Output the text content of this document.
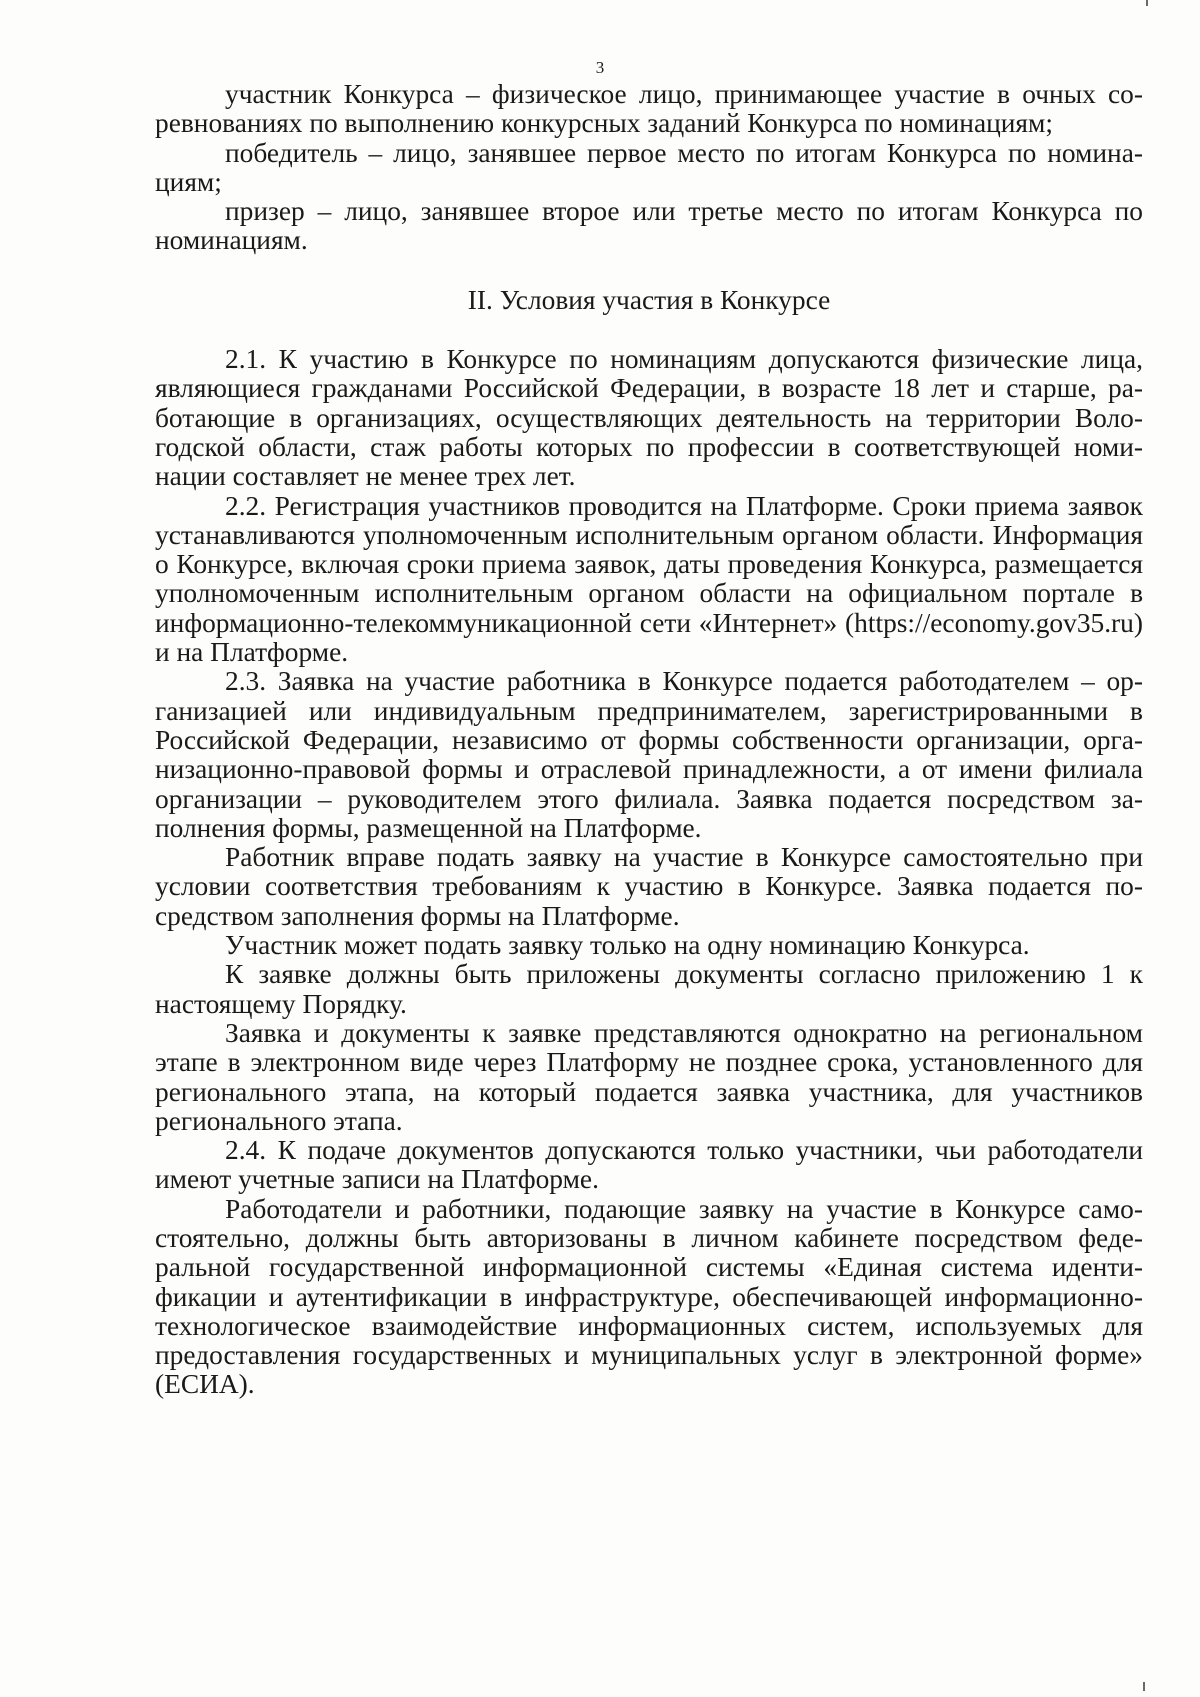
3

участник Конкурса – физическое лицо, принимающее участие в очных соревнованиях по выполнению конкурсных заданий Конкурса по номинациям;

победитель – лицо, занявшее первое место по итогам Конкурса по номинациям;

призер – лицо, занявшее второе или третье место по итогам Конкурса по номинациям.

II. Условия участия в Конкурсе

2.1. К участию в Конкурсе по номинациям допускаются физические лица, являющиеся гражданами Российской Федерации, в возрасте 18 лет и старше, работающие в организациях, осуществляющих деятельность на территории Вологодской области, стаж работы которых по профессии в соответствующей номинации составляет не менее трех лет.

2.2. Регистрация участников проводится на Платформе. Сроки приема заявок устанавливаются уполномоченным исполнительным органом области. Информация о Конкурсе, включая сроки приема заявок, даты проведения Конкурса, размещается уполномоченным исполнительным органом области на официальном портале в информационно-телекоммуникационной сети «Интернет» (https://economy.gov35.ru) и на Платформе.

2.3. Заявка на участие работника в Конкурсе подается работодателем – организацией или индивидуальным предпринимателем, зарегистрированными в Российской Федерации, независимо от формы собственности организации, организационно-правовой формы и отраслевой принадлежности, а от имени филиала организации – руководителем этого филиала. Заявка подается посредством заполнения формы, размещенной на Платформе.

Работник вправе подать заявку на участие в Конкурсе самостоятельно при условии соответствия требованиям к участию в Конкурсе. Заявка подается посредством заполнения формы на Платформе.

Участник может подать заявку только на одну номинацию Конкурса.

К заявке должны быть приложены документы согласно приложению 1 к настоящему Порядку.

Заявка и документы к заявке представляются однократно на региональном этапе в электронном виде через Платформу не позднее срока, установленного для регионального этапа, на который подается заявка участника, для участников регионального этапа.

2.4. К подаче документов допускаются только участники, чьи работодатели имеют учетные записи на Платформе.

Работодатели и работники, подающие заявку на участие в Конкурсе самостоятельно, должны быть авторизованы в личном кабинете посредством федеральной государственной информационной системы «Единая система идентификации и аутентификации в инфраструктуре, обеспечивающей информационно-технологическое взаимодействие информационных систем, используемых для предоставления государственных и муниципальных услуг в электронной форме» (ЕСИА).
